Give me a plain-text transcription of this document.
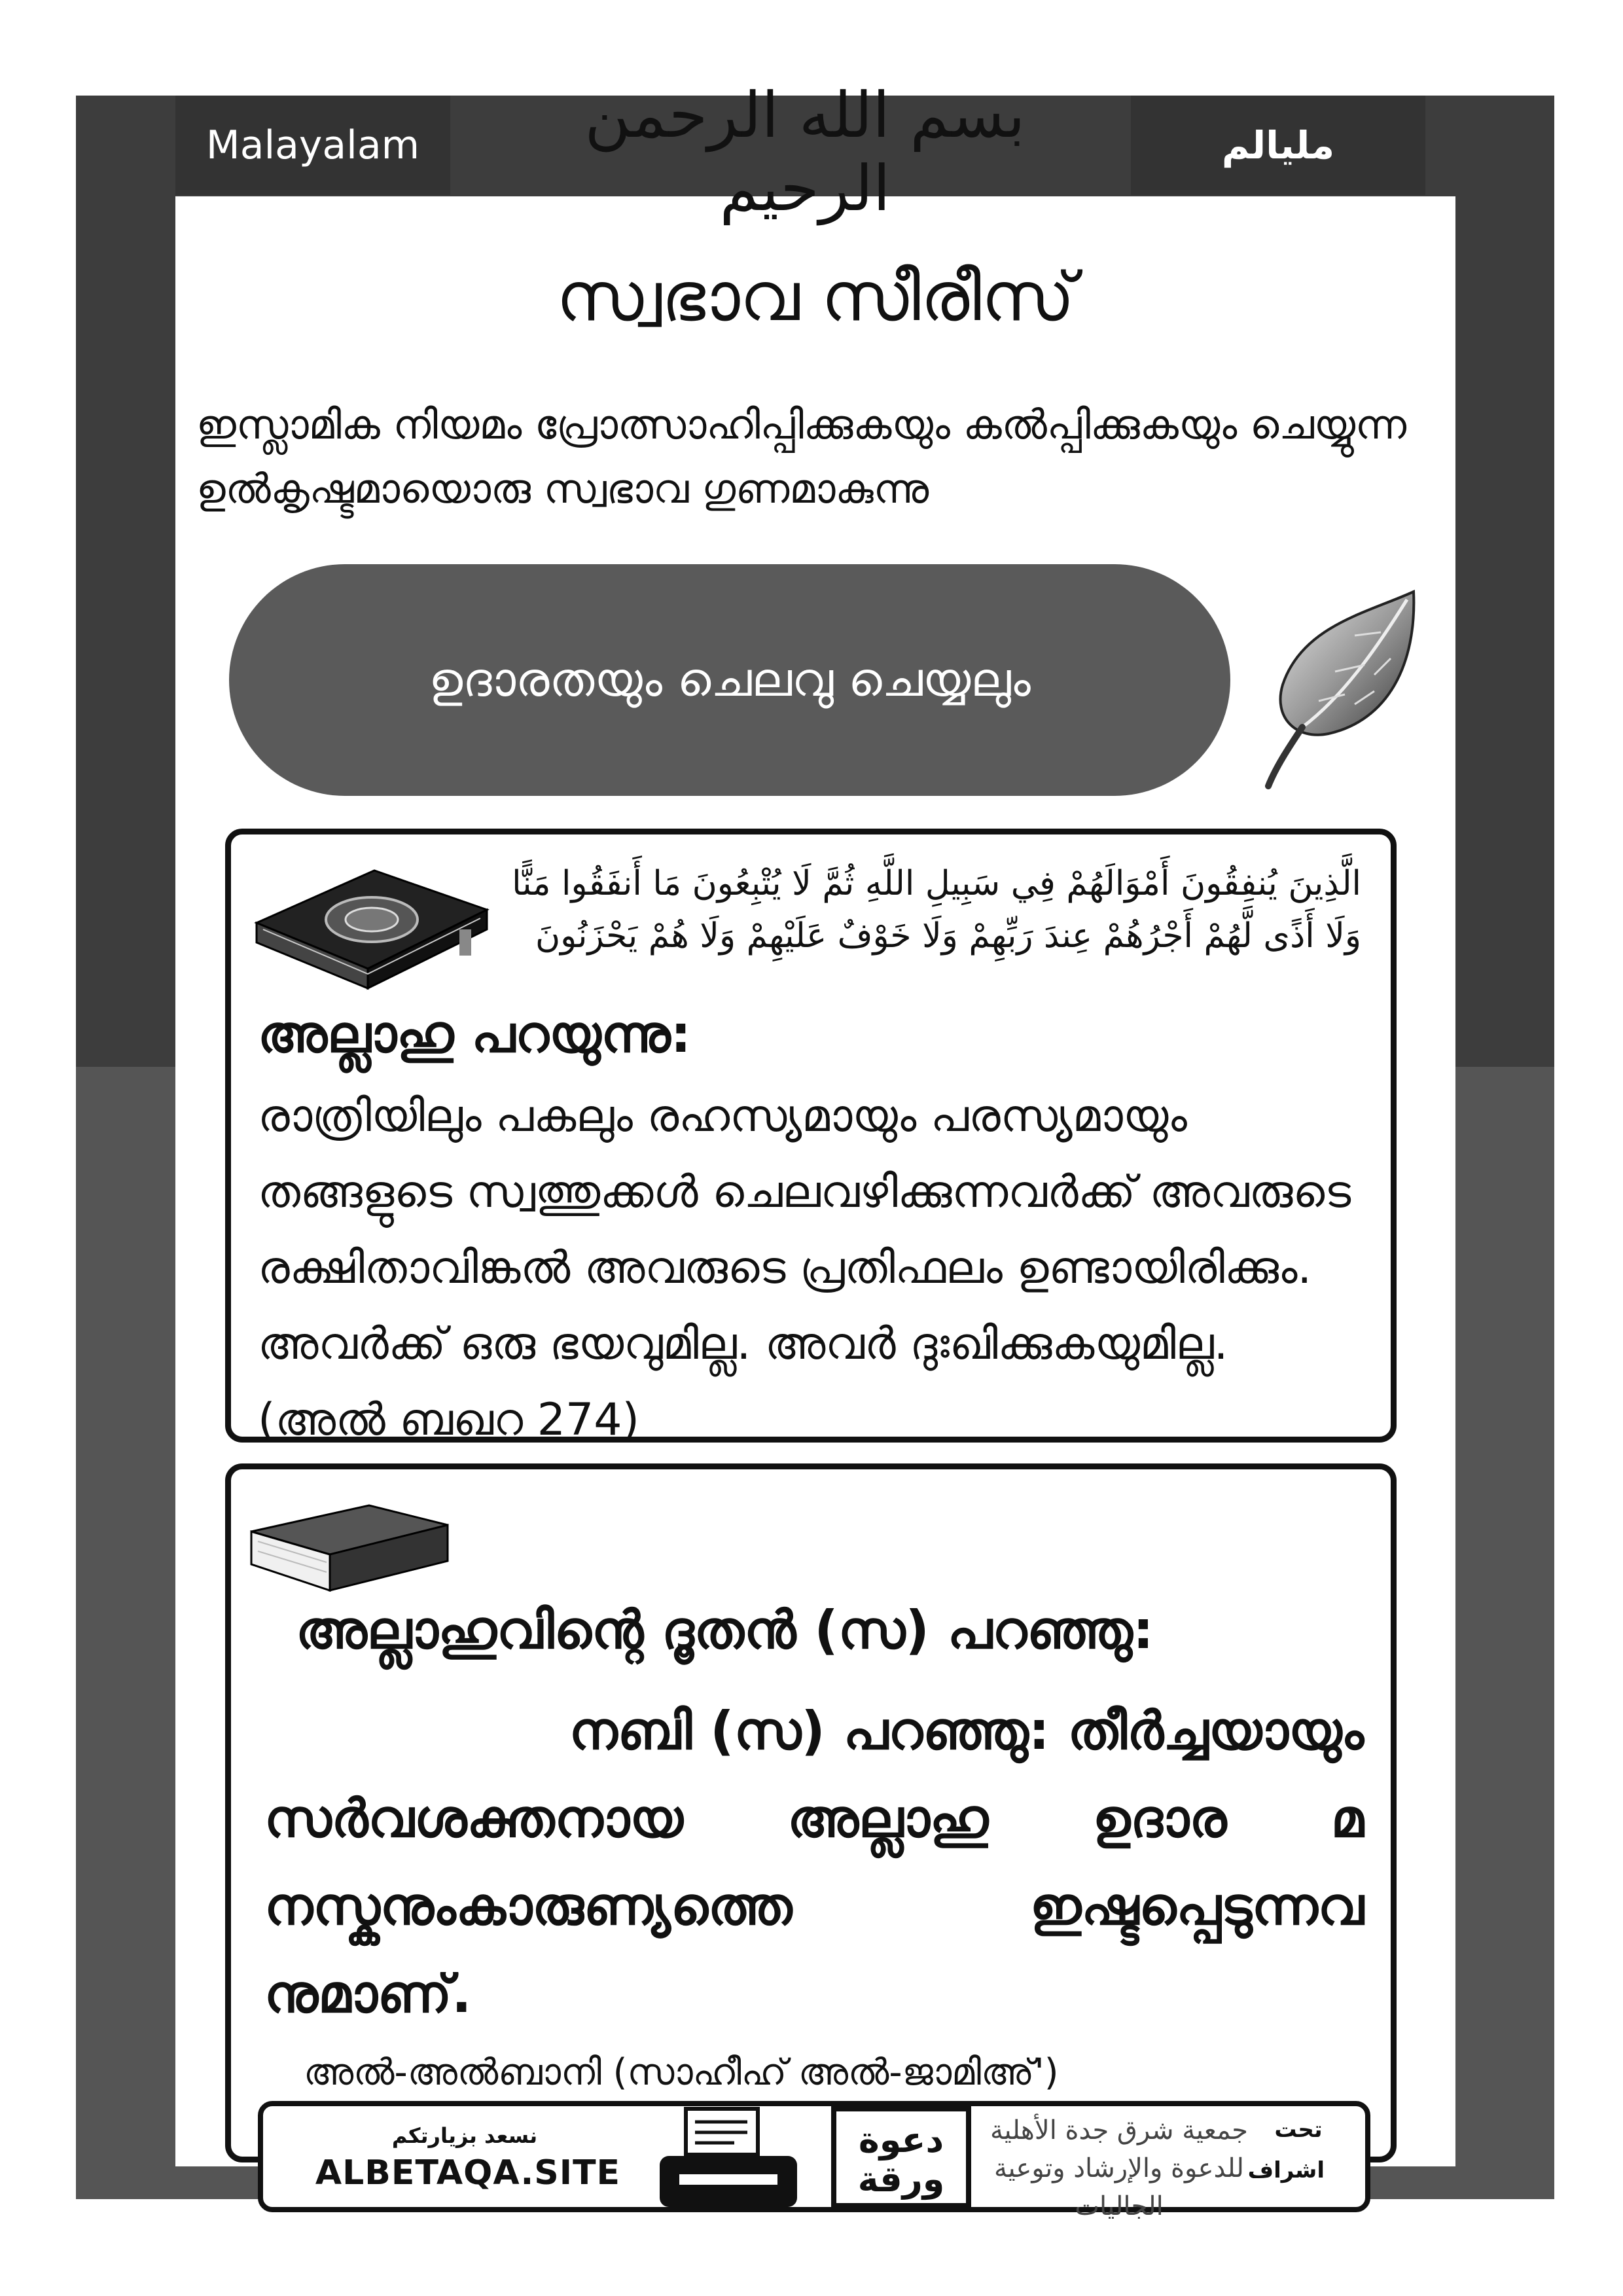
Malayalam	مليالم
بسم الله الرحمن الرحيم
സ്വഭാവ സീരീസ്
ഇസ്ലാമിക നിയമം പ്രോത്സാഹിപ്പിക്കുകയും കൽപ്പിക്കുകയും ചെയ്യുന്ന ഉൽകൃഷ്ടമായൊരു സ്വഭാവ ഗുണമാകുന്നു
ഉദാരതയും ചെലവു ചെയ്യലും
الَّذِينَ يُنفِقُونَ أَمْوَالَهُمْ فِي سَبِيلِ اللَّهِ ثُمَّ لَا يُتْبِعُونَ مَا أَنفَقُوا مَنًّا
وَلَا أَذًى لَّهُمْ أَجْرُهُمْ عِندَ رَبِّهِمْ وَلَا خَوْفٌ عَلَيْهِمْ وَلَا هُمْ يَحْزَنُونَ
അല്ലാഹു പറയുന്നു:
രാത്രിയിലും പകലും രഹസ്യമായും പരസ്യമായും തങ്ങളുടെ സ്വത്തുക്കൾ ചെലവഴിക്കുന്നവർക്ക് അവരുടെ രക്ഷിതാവിങ്കൽ അവരുടെ പ്രതിഫലം ഉണ്ടായിരിക്കും. അവർക്ക് ഒരു ഭയവുമില്ല. അവർ ദുഃഖിക്കുകയുമില്ല. (അൽ ബഖറ 274)
അല്ലാഹുവിന്റെ ദൂതൻ (സ) പറഞ്ഞു:
നബി (സ) പറഞ്ഞു: തീർച്ചയായും
സർവശക്തനായ അല്ലാഹു ഉദാര മ നസ്കനുംകാരുണ്യത്തെ ഇഷ്ടപ്പെടുന്നവ നുമാണ്.
അൽ-അൽബാനി (സാഹീഹ് അൽ-ജാമിഅ്')
نسعد بزيارتكم
ALBETAQA.SITE
دعوة
ورقة
جمعية شرق جدة الأهلية
للدعوة والإرشاد وتوعية الجاليات
تحت
اشراف
